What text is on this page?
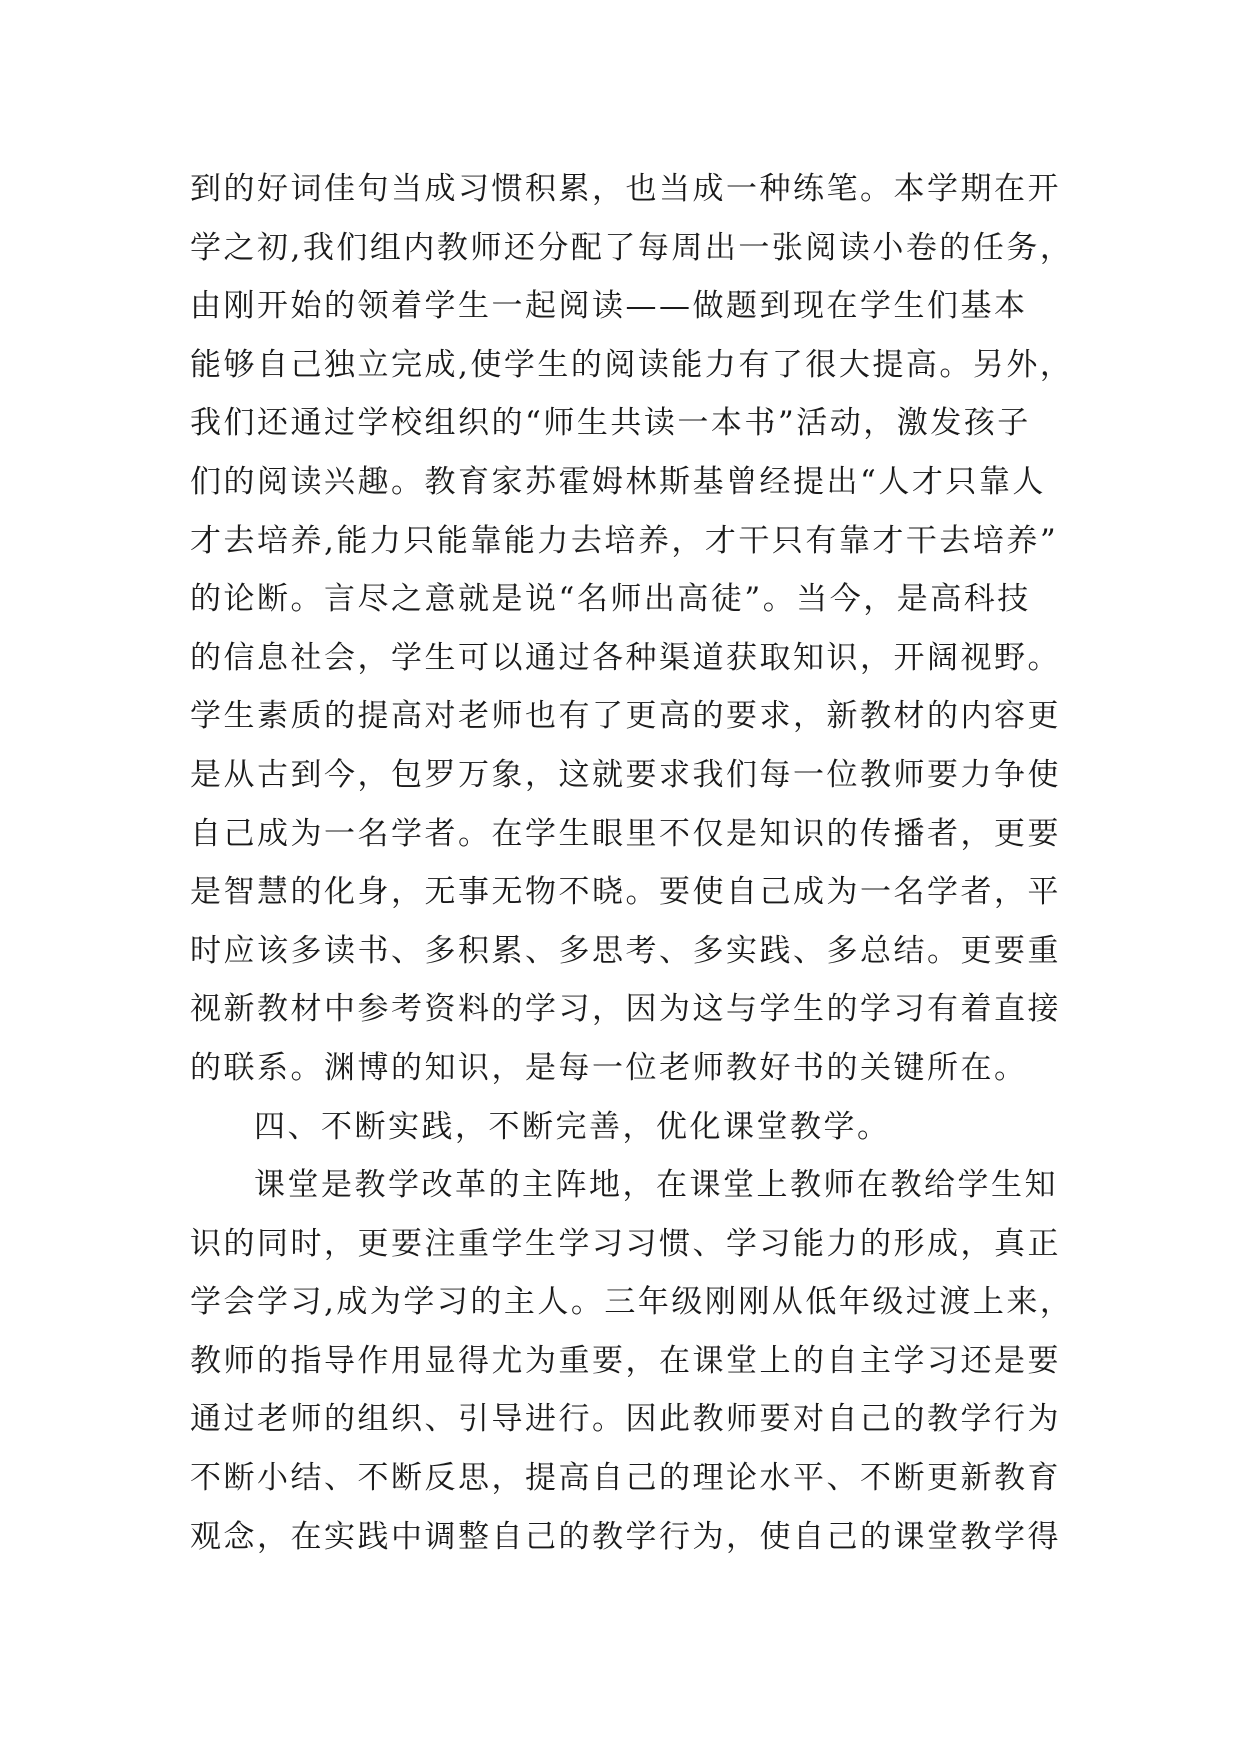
到的好词佳句当成习惯积累，也当成一种练笔。本学期在开
学之初,我们组内教师还分配了每周出一张阅读小卷的任务，
由刚开始的领着学生一起阅读——做题到现在学生们基本
能够自己独立完成,使学生的阅读能力有了很大提高。另外，
我们还通过学校组织的“师生共读一本书”活动，激发孩子
们的阅读兴趣。教育家苏霍姆林斯基曾经提出“人才只靠人
才去培养,能力只能靠能力去培养，才干只有靠才干去培养”
的论断。言尽之意就是说“名师出高徒”。当今，是高科技
的信息社会，学生可以通过各种渠道获取知识，开阔视野。
学生素质的提高对老师也有了更高的要求，新教材的内容更
是从古到今，包罗万象，这就要求我们每一位教师要力争使
自己成为一名学者。在学生眼里不仅是知识的传播者，更要
是智慧的化身，无事无物不晓。要使自己成为一名学者，平
时应该多读书、多积累、多思考、多实践、多总结。更要重
视新教材中参考资料的学习，因为这与学生的学习有着直接
的联系。渊博的知识，是每一位老师教好书的关键所在。
四、不断实践，不断完善，优化课堂教学。
课堂是教学改革的主阵地，在课堂上教师在教给学生知
识的同时，更要注重学生学习习惯、学习能力的形成，真正
学会学习,成为学习的主人。三年级刚刚从低年级过渡上来，
教师的指导作用显得尤为重要，在课堂上的自主学习还是要
通过老师的组织、引导进行。因此教师要对自己的教学行为
不断小结、不断反思，提高自己的理论水平、不断更新教育
观念，在实践中调整自己的教学行为，使自己的课堂教学得
